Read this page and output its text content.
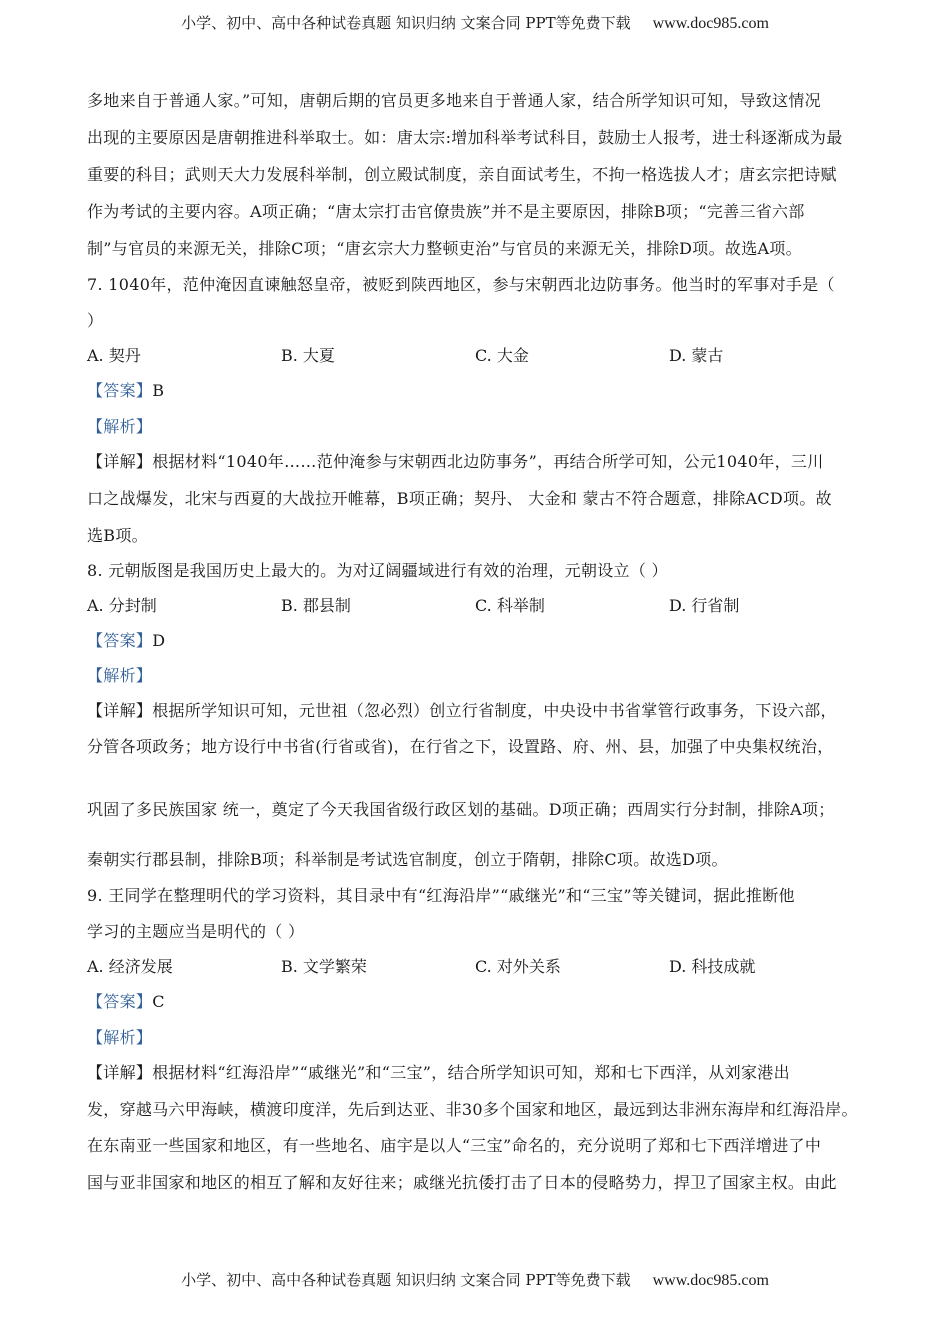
小学、初中、高中各种试卷真题 知识归纳 文案合同 PPT等免费下载 www.doc985.com
多地来自于普通人家。”可知，唐朝后期的官员更多地来自于普通人家，结合所学知识可知，导致这情况
出现的主要原因是唐朝推进科举取士。如：唐太宗:增加科举考试科目，鼓励士人报考，进士科逐渐成为最
重要的科目；武则天大力发展科举制，创立殿试制度，亲自面试考生，不拘一格选拔人才；唐玄宗把诗赋
作为考试的主要内容。A项正确；“唐太宗打击官僚贵族”并不是主要原因，排除B项；“完善三省六部
制”与官员的来源无关，排除C项；“唐玄宗大力整顿吏治”与官员的来源无关，排除D项。故选A项。
7. 1040年，范仲淹因直谏触怒皇帝，被贬到陕西地区，参与宋朝西北边防事务。他当时的军事对手是（
）
A. 契丹	B. 大夏	C. 大金	D. 蒙古
【答案】B
【解析】
【详解】根据材料“1040年……范仲淹参与宋朝西北边防事务”，再结合所学可知，公元1040年，三川
口之战爆发，北宋与西夏的大战拉开帷幕，B项正确；契丹、 大金和 蒙古不符合题意，排除ACD项。故
选B项。
8. 元朝版图是我国历史上最大的。为对辽阔疆域进行有效的治理，元朝设立（ ）
A. 分封制	B. 郡县制	C. 科举制	D. 行省制
【答案】D
【解析】
【详解】根据所学知识可知，元世祖（忽必烈）创立行省制度，中央设中书省掌管行政事务，下设六部，
分管各项政务；地方设行中书省(行省或省)，在行省之下，设置路、府、州、县，加强了中央集权统治，
巩固了多民族国家 统一，奠定了今天我国省级行政区划的基础。D项正确；西周实行分封制，排除A项；
秦朝实行郡县制，排除B项；科举制是考试选官制度，创立于隋朝，排除C项。故选D项。
9. 王同学在整理明代的学习资料，其目录中有“红海沿岸”“戚继光”和“三宝”等关键词，据此推断他
学习的主题应当是明代的（ ）
A. 经济发展	B. 文学繁荣	C. 对外关系	D. 科技成就
【答案】C
【解析】
【详解】根据材料“红海沿岸”“戚继光”和“三宝”，结合所学知识可知，郑和七下西洋，从刘家港出
发，穿越马六甲海峡，横渡印度洋，先后到达亚、非30多个国家和地区，最远到达非洲东海岸和红海沿岸。
在东南亚一些国家和地区，有一些地名、庙宇是以人“三宝”命名的，充分说明了郑和七下西洋增进了中
国与亚非国家和地区的相互了解和友好往来；戚继光抗倭打击了日本的侵略势力，捍卫了国家主权。由此
小学、初中、高中各种试卷真题 知识归纳 文案合同 PPT等免费下载 www.doc985.com
